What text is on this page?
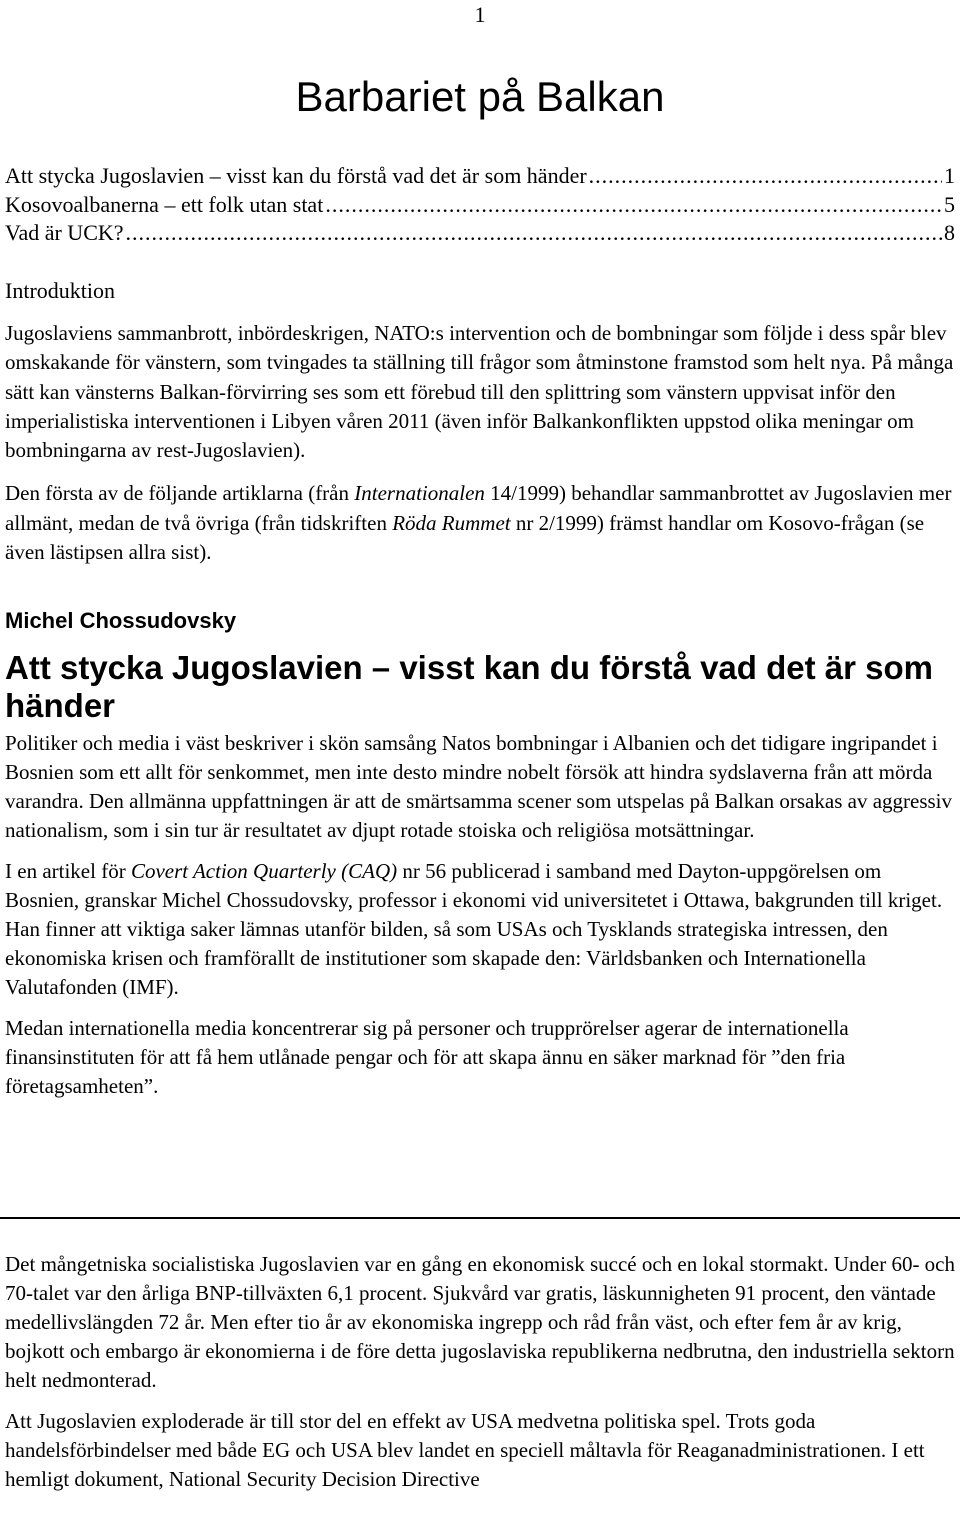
1
Barbariet på Balkan
Att stycka Jugoslavien – visst kan du förstå vad det är som händer .....	1
Kosovoalbanerna – ett folk utan stat .....	5
Vad är UCK? .....	8
Introduktion

Jugoslaviens sammanbrott, inbördeskrigen, NATO:s intervention och de bombningar som följde i dess spår blev omskakande för vänstern, som tvingades ta ställning till frågor som åtminstone framstod som helt nya. På många sätt kan vänsterns Balkan-förvirring ses som ett förebud till den splittring som vänstern uppvisat inför den imperialistiska interventionen i Libyen våren 2011 (även inför Balkankonflikten uppstod olika meningar om bombningarna av rest-Jugoslavien).

Den första av de följande artiklarna (från Internationalen 14/1999) behandlar sammanbrottet av Jugoslavien mer allmänt, medan de två övriga (från tidskriften Röda Rummet nr 2/1999) främst handlar om Kosovo-frågan (se även lästipsen allra sist).

Michel Chossudovsky
Att stycka Jugoslavien – visst kan du förstå vad det är som händer

Politiker och media i väst beskriver i skön samsång Natos bombningar i Albanien och det tidigare ingripandet i Bosnien som ett allt för senkommet, men inte desto mindre nobelt försök att hindra sydslaverna från att mörda varandra. Den allmänna uppfattningen är att de smärtsamma scener som utspelas på Balkan orsakas av aggressiv nationalism, som i sin tur är resultatet av djupt rotade stoiska och religiösa motsättningar.

I en artikel för Covert Action Quarterly (CAQ) nr 56 publicerad i samband med Dayton-uppgörelsen om Bosnien, granskar Michel Chossudovsky, professor i ekonomi vid universitetet i Ottawa, bakgrunden till kriget. Han finner att viktiga saker lämnas utanför bilden, så som USAs och Tysklands strategiska intressen, den ekonomiska krisen och framförallt de institutioner som skapade den: Världsbanken och Internationella Valutafonden (IMF).

Medan internationella media koncentrerar sig på personer och trupprörelser agerar de internationella finansinstituten för att få hem utlånade pengar och för att skapa ännu en säker marknad för ”den fria företagsamheten”.

Det mångetniska socialistiska Jugoslavien var en gång en ekonomisk succé och en lokal stormakt. Under 60- och 70-talet var den årliga BNP-tillväxten 6,1 procent. Sjukvård var gratis, läskunnigheten 91 procent, den väntade medellivslängden 72 år. Men efter tio år av ekonomiska ingrepp och råd från väst, och efter fem år av krig, bojkott och embargo är ekonomierna i de före detta jugoslaviska republikerna nedbrutna, den industriella sektorn helt nedmonterad.

Att Jugoslavien exploderade är till stor del en effekt av USA medvetna politiska spel. Trots goda handelsförbindelser med både EG och USA blev landet en speciell måltavla för Reaganadministrationen. I ett hemligt dokument, National Security Decision Directive
